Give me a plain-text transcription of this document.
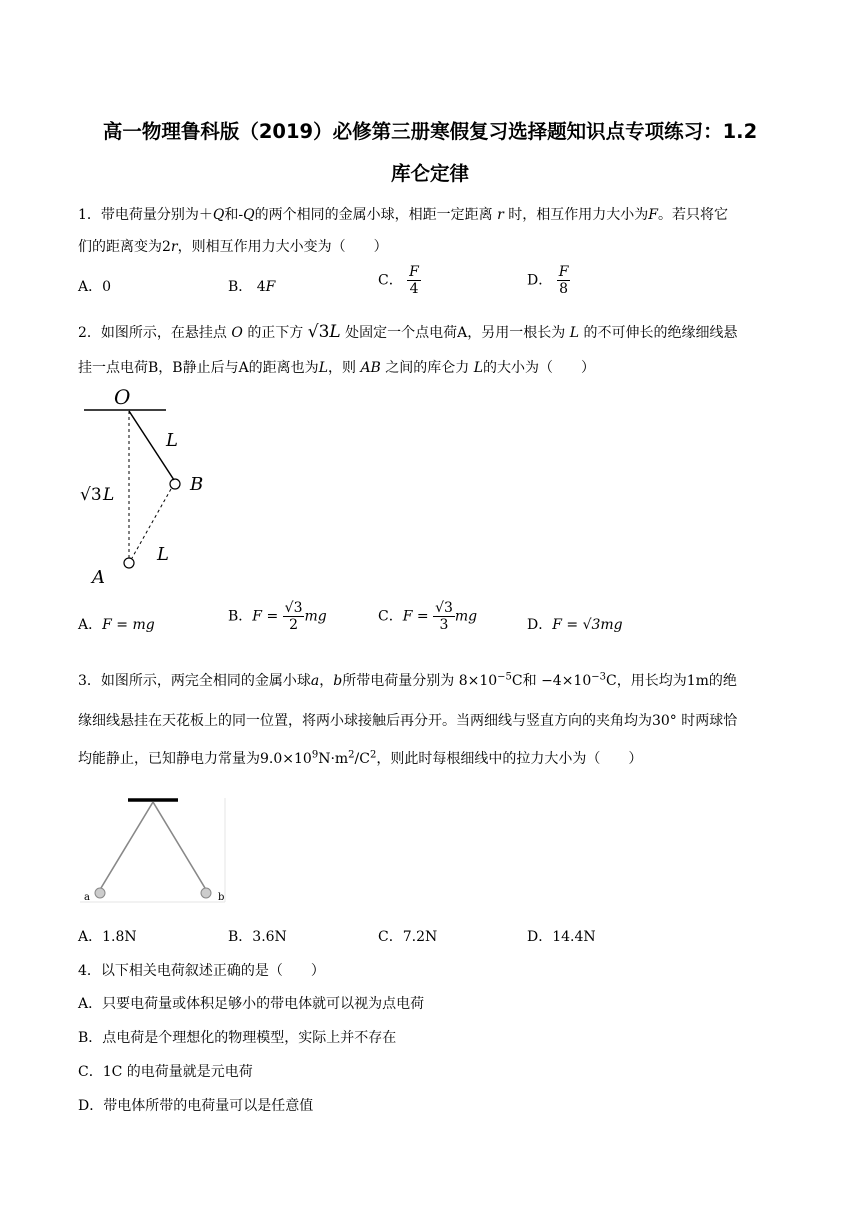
高一物理鲁科版（2019）必修第三册寒假复习选择题知识点专项练习：1.2
库仑定律
1．带电荷量分别为＋Q和-Q的两个相同的金属小球，相距一定距离 r 时，相互作用力大小为F。若只将它
们的距离变为2r，则相互作用力大小变为（　　）
A．0	B． 4F	C． $\frac{F}{4}$	D． $\frac{F}{8}$
2．如图所示，在悬挂点 O 的正下方 √3L 处固定一个点电荷A，另用一根长为 L 的不可伸长的绝缘细线悬
挂一点电荷B，B静止后与A的距离也为L，则 AB 之间的库仑力 L的大小为（　　）
O
L
B
√3 L
L
A
A．F = mg
B．$F = \frac{√3}{2}$ mg	C．$F = \frac{√3}{3}$ mg
D．F = √3mg
3．如图所示，两完全相同的金属小球a，b所带电荷量分别为 $8\times 10^{-5}C$和 $-4\times 10^{-3}C$，用长均为1m的绝
缘细线悬挂在天花板上的同一位置，将两小球接触后再分开。当两细线与竖直方向的夹角均为30° 时两球恰
均能静止，已知静电力常量为$9.0\times 10^9N\cdot m^2/C^2$，则此时每根细线中的拉力大小为（　　）
a	b
A．1.8N	B．3.6N	C．7.2N	D．14.4N
4．以下相关电荷叙述正确的是（　　）
A．只要电荷量或体积足够小的带电体就可以视为点电荷
B．点电荷是个理想化的物理模型，实际上并不存在
C．1C 的电荷量就是元电荷
D．带电体所带的电荷量可以是任意值
